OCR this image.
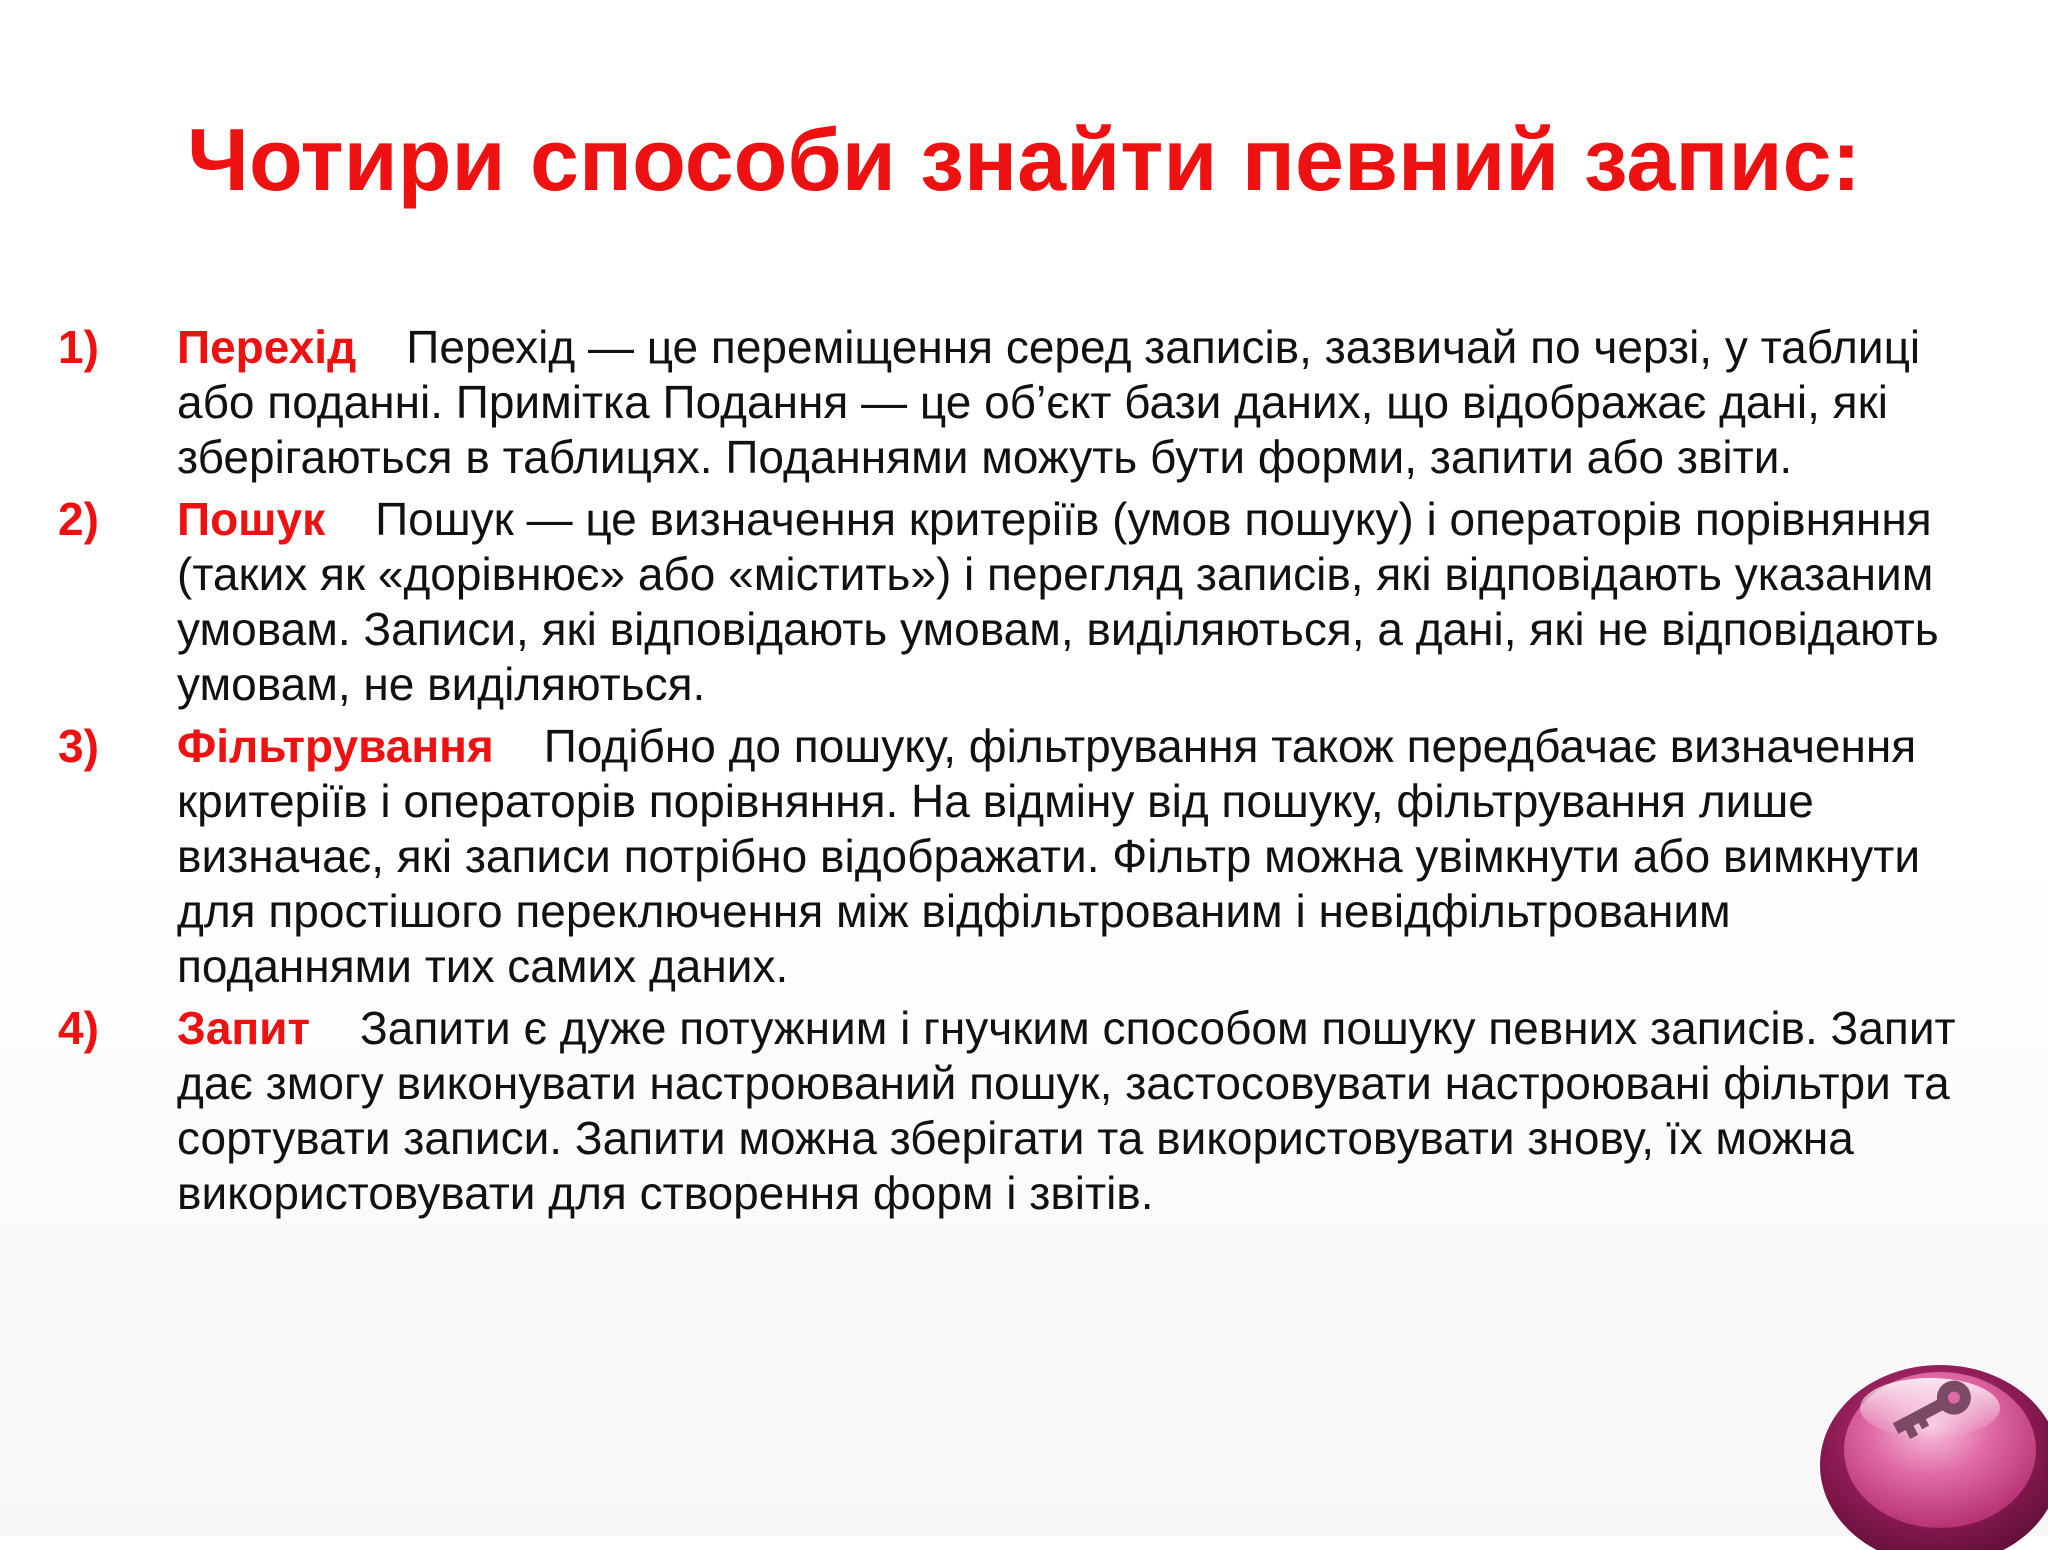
Чотири способи знайти певний запис:
1) Перехід Перехід — це переміщення серед записів, зазвичай по черзі, у таблиці або поданні. Примітка Подання — це об’єкт бази даних, що відображає дані, які зберігаються в таблицях. Поданнями можуть бути форми, запити або звіти.
2) Пошук Пошук — це визначення критеріїв (умов пошуку) і операторів порівняння (таких як «дорівнює» або «містить») і перегляд записів, які відповідають указаним умовам. Записи, які відповідають умовам, виділяються, а дані, які не відповідають умовам, не виділяються.
3) Фільтрування Подібно до пошуку, фільтрування також передбачає визначення критеріїв і операторів порівняння. На відміну від пошуку, фільтрування лише визначає, які записи потрібно відображати. Фільтр можна увімкнути або вимкнути для простішого переключення між відфільтрованим і невідфільтрованим поданнями тих самих даних.
4) Запит Запити є дуже потужним і гнучким способом пошуку певних записів. Запит дає змогу виконувати настроюваний пошук, застосовувати настроювані фільтри та сортувати записи. Запити можна зберігати та використовувати знову, їх можна використовувати для створення форм і звітів.
